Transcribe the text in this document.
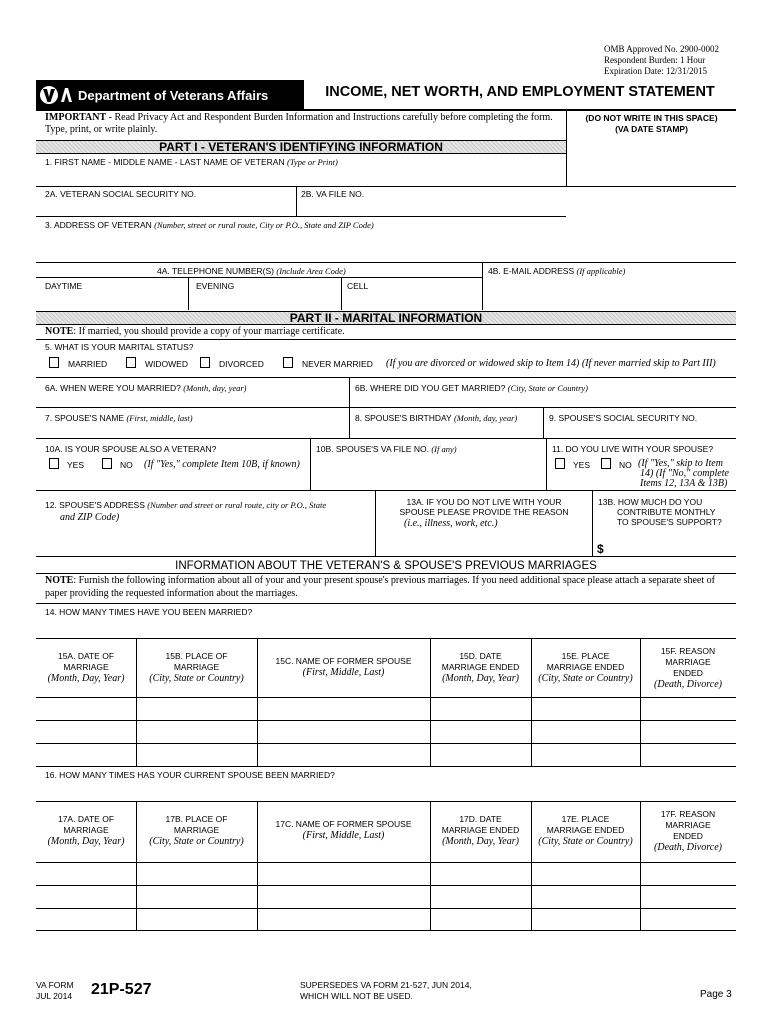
OMB Approved No. 2900-0002
Respondent Burden: 1 Hour
Expiration Date: 12/31/2015
Department of Veterans Affairs	INCOME, NET WORTH, AND EMPLOYMENT STATEMENT
IMPORTANT - Read Privacy Act and Respondent Burden Information and Instructions carefully before completing the form. Type, print, or write plainly.
(DO NOT WRITE IN THIS SPACE)
(VA DATE STAMP)
PART I - VETERAN'S IDENTIFYING INFORMATION
1. FIRST NAME - MIDDLE NAME - LAST NAME OF VETERAN (Type or Print)
2A. VETERAN SOCIAL SECURITY NO.	2B. VA FILE NO.
3. ADDRESS OF VETERAN (Number, street or rural route, City or P.O., State and ZIP Code)
4A. TELEPHONE NUMBER(S) (Include Area Code)	4B. E-MAIL ADDRESS (If applicable)
DAYTIME	EVENING	CELL
PART II - MARITAL INFORMATION
NOTE: If married, you should provide a copy of your marriage certificate.
5. WHAT IS YOUR MARITAL STATUS?
MARRIED	WIDOWED	DIVORCED	NEVER MARRIED (If you are divorced or widowed skip to Item 14) (If never married skip to Part III)
6A. WHEN WERE YOU MARRIED? (Month, day, year)	6B. WHERE DID YOU GET MARRIED? (City, State or Country)
7. SPOUSE'S NAME (First, middle, last)	8. SPOUSE'S BIRTHDAY (Month, day, year)	9. SPOUSE'S SOCIAL SECURITY NO.
10A. IS YOUR SPOUSE ALSO A VETERAN?
YES	NO (If "Yes," complete Item 10B, if known)
10B. SPOUSE'S VA FILE NO. (If any)	11. DO YOU LIVE WITH YOUR SPOUSE?
YES	NO (If "Yes," skip to Item
14) (If "No," complete
Items 12, 13A & 13B)
12. SPOUSE'S ADDRESS (Number and street or rural route, city or P.O., State
and ZIP Code)
13A. IF YOU DO NOT LIVE WITH YOUR
SPOUSE PLEASE PROVIDE THE REASON
(i.e., illness, work, etc.)
13B. HOW MUCH DO YOU
CONTRIBUTE MONTHLY
TO SPOUSE'S SUPPORT?
$
INFORMATION ABOUT THE VETERAN'S & SPOUSE'S PREVIOUS MARRIAGES
NOTE: Furnish the following information about all of your and your present spouse's previous marriages. If you need additional space please attach a separate sheet of paper providing the requested information about the marriages.
14. HOW MANY TIMES HAVE YOU BEEN MARRIED?
15A. DATE OF
MARRIAGE
(Month, Day, Year)
15B. PLACE OF
MARRIAGE
(City, State or Country)
15C. NAME OF FORMER SPOUSE
(First, Middle, Last)
15D. DATE
MARRIAGE ENDED
(Month, Day, Year)
15E. PLACE
MARRIAGE ENDED
(City, State or Country)
15F. REASON
MARRIAGE
ENDED
(Death, Divorce)
16. HOW MANY TIMES HAS YOUR CURRENT SPOUSE BEEN MARRIED?
17A. DATE OF
MARRIAGE
(Month, Day, Year)
17B. PLACE OF
MARRIAGE
(City, State or Country)
17C. NAME OF FORMER SPOUSE
(First, Middle, Last)
17D. DATE
MARRIAGE ENDED
(Month, Day, Year)
17E. PLACE
MARRIAGE ENDED
(City, State or Country)
17F. REASON
MARRIAGE
ENDED
(Death, Divorce)
VA FORM
JUL 2014 21P-527	SUPERSEDES VA FORM 21-527, JUN 2014,
WHICH WILL NOT BE USED.	Page 3
